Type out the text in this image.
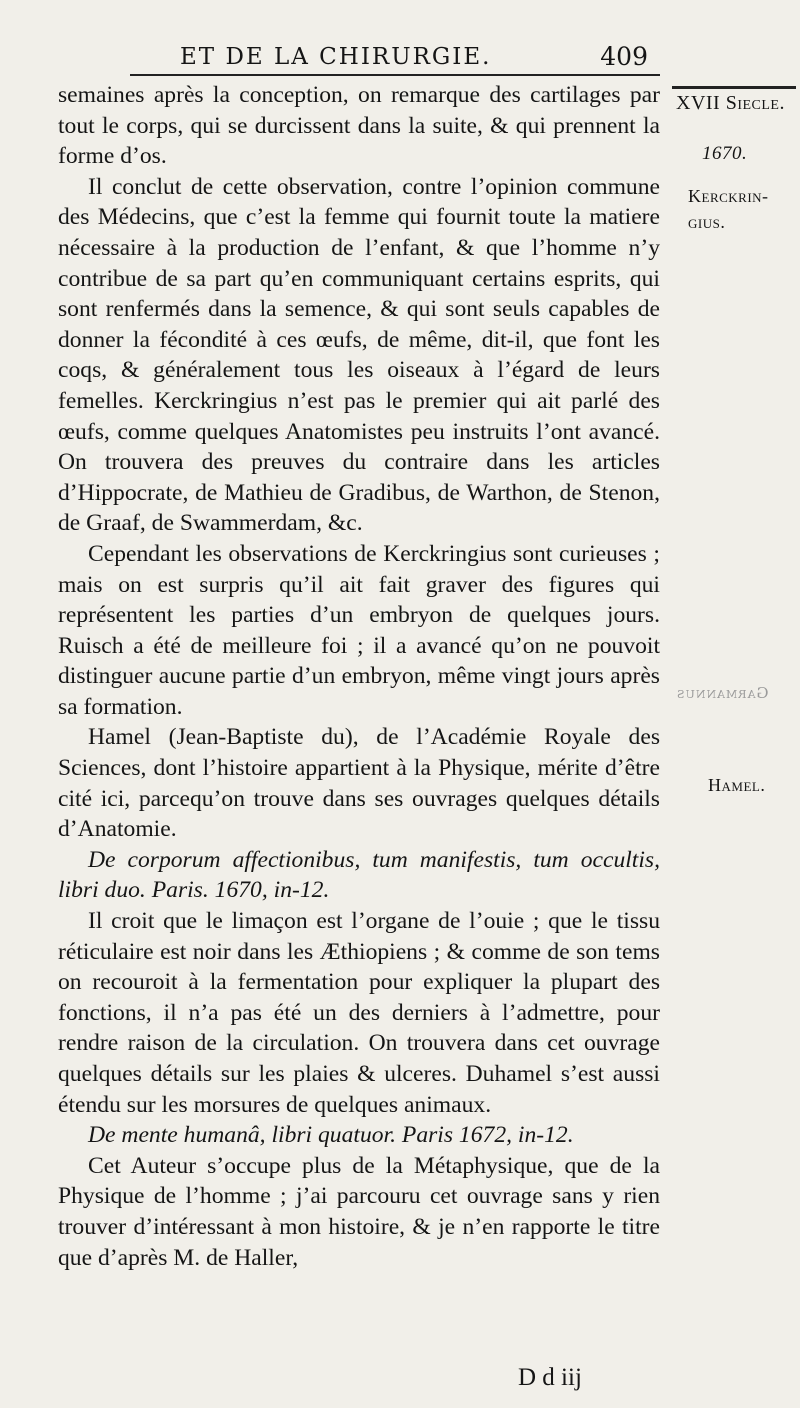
ET DE LA CHIRURGIE.	409

semaines après la conception, on remarque des cartilages par tout le corps, qui se durcissent dans la suite, & qui prennent la forme d’os.

Il conclut de cette observation, contre l’opinion commune des Médecins, que c’est la femme qui fournit toute la matiere nécessaire à la production de l’enfant, & que l’homme n’y contribue de sa part qu’en communiquant certains esprits, qui sont renfermés dans la semence, & qui sont seuls capables de donner la fécondité à ces œufs, de même, dit-il, que font les coqs, & généralement tous les oiseaux à l’égard de leurs femelles. Kerckringius n’est pas le premier qui ait parlé des œufs, comme quelques Anatomistes peu instruits l’ont avancé. On trouvera des preuves du contraire dans les articles d’Hippocrate, de Mathieu de Gradibus, de Warthon, de Stenon, de Graaf, de Swammerdam, &c.

Cependant les observations de Kerckringius sont curieuses ; mais on est surpris qu’il ait fait graver des figures qui représentent les parties d’un embryon de quelques jours. Ruisch a été de meilleure foi ; il a avancé qu’on ne pouvoit distinguer aucune partie d’un embryon, même vingt jours après sa formation.

Hamel (Jean-Baptiste du), de l’Académie Royale des Sciences, dont l’histoire appartient à la Physique, mérite d’être cité ici, parcequ’on trouve dans ses ouvrages quelques détails d’Anatomie.

De corporum affectionibus, tum manifestis, tum occultis, libri duo. Paris. 1670, in-12.

Il croit que le limaçon est l’organe de l’ouie ; que le tissu réticulaire est noir dans les Æthiopiens ; & comme de son tems on recouroit à la fermentation pour expliquer la plupart des fonctions, il n’a pas été un des derniers à l’admettre, pour rendre raison de la circulation. On trouvera dans cet ouvrage quelques détails sur les plaies & ulceres. Duhamel s’est aussi étendu sur les morsures de quelques animaux.

De mente humanâ, libri quatuor. Paris 1672, in-12.

Cet Auteur s’occupe plus de la Métaphysique, que de la Physique de l’homme ; j’ai parcouru cet ouvrage sans y rien trouver d’intéressant à mon histoire, & je n’en rapporte le titre que d’après M. de Haller,

XVII Siecle.
1670.
Kerckrin-gius.
Hamel.
Garmannus
D d iij
